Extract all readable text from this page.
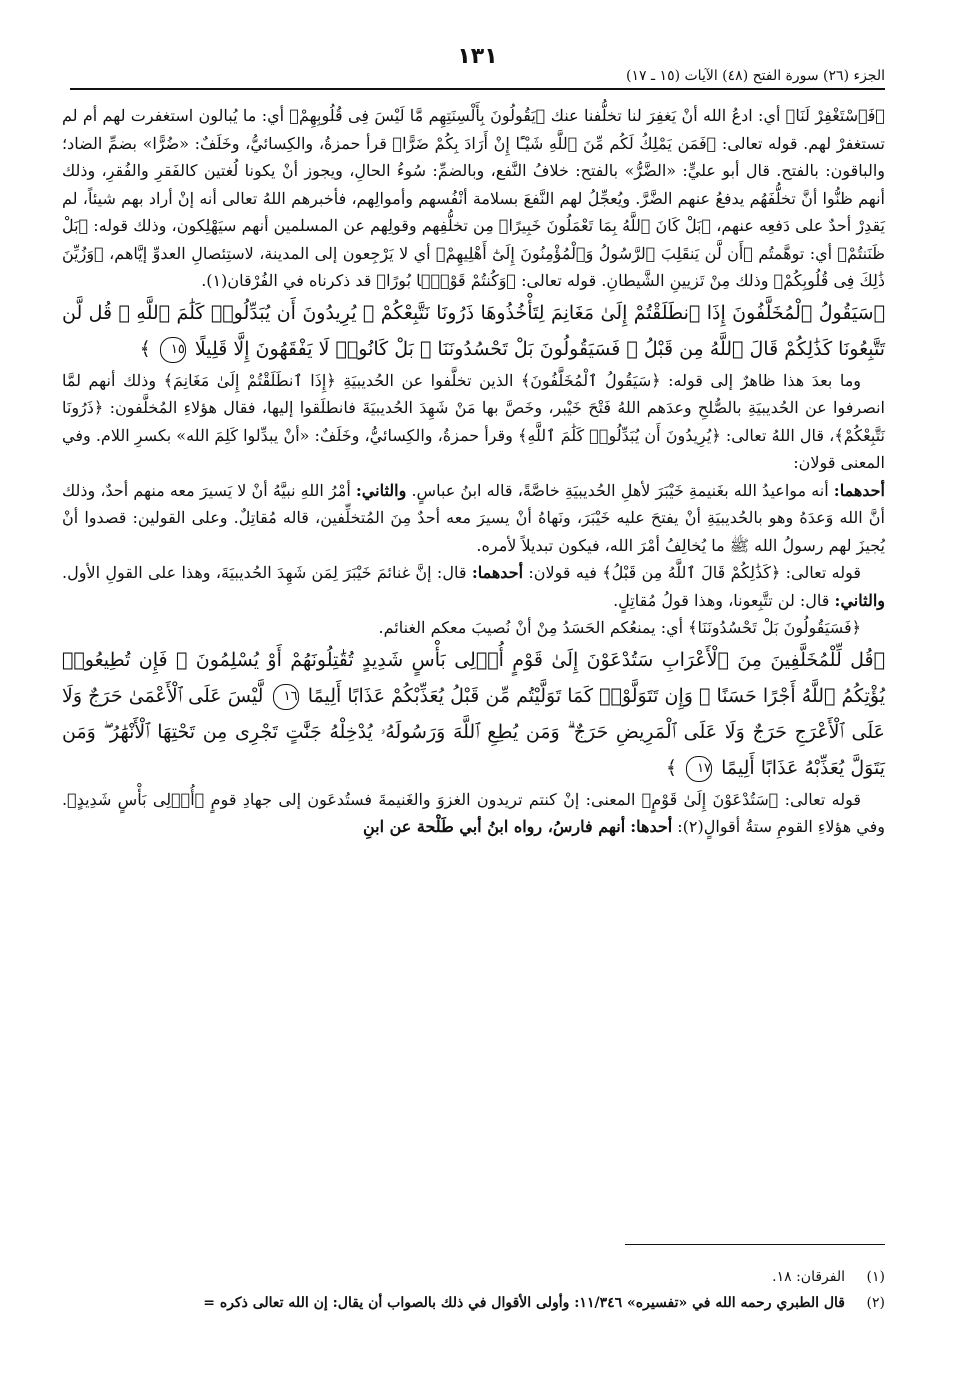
١٣١
الجزء (٢٦) سورة الفتح (٤٨) الآيات (١٥ ـ ١٧)

﴿فَٱسْتَغْفِرْ لَنَا﴾ أي: ادعُ الله أنْ يَغفِرَ لنا تخلُّفنا عنك ﴿يَقُولُونَ بِأَلْسِنَتِهِم مَّا لَيْسَ فِى قُلُوبِهِمْ﴾ أي: ما يُبالون استغفرت لهم أم لم تستغفرْ لهم. قوله تعالى: ﴿فَمَن يَمْلِكُ لَكُم مِّنَ ٱللَّهِ شَيْـًٔا إِنْ أَرَادَ بِكُمْ ضَرًّا﴾ قرأ حمزةُ، والكِسائيُّ، وخَلَفٌ: «ضُرًّا» بضمِّ الضاد؛ والباقون: بالفتح. قال أبو عليٍّ: «الضَّرُّ» بالفتح: خلافُ النَّفع، وبالضمِّ: سُوءُ الحالِ، ويجوز أنْ يكونا لُغتين كالفَقرِ والفُقرِ، وذلك أنهم ظنُّوا أنَّ تخلُّفَهُم يدفعُ عنهم الضَّرَّ. ويُعجِّلُ لهم النَّفعَ بسلامة أنْفُسهم وأموالِهم، فأخبرهم اللهُ تعالى أنه إنْ أراد بهم شيئاً، لم يَقدِرْ أحدٌ على دَفعِه عنهم، ﴿بَلْ كَانَ ٱللَّهُ بِمَا تَعْمَلُونَ خَبِيرًا﴾ مِن تخلُّفِهم وقولِهم عن المسلمين أنهم سيَهْلِكون، وذلك قوله: ﴿بَلْ ظَنَنتُمْ﴾ أي: توهَّمتُم ﴿أَن لَّن يَنقَلِبَ ٱلرَّسُولُ وَٱلْمُؤْمِنُونَ إِلَىٰٓ أَهْلِيهِمْ﴾ أي لا يَرْجِعون إلى المدينة، لاستِئصالِ العدوِّ إيَّاهم، ﴿وَزُيِّنَ ذَٰلِكَ فِى قُلُوبِكُمْ﴾ وذلك مِنْ تَزيينِ الشَّيطانِ. قوله تعالى: ﴿وَكُنتُمْ قَوْمًۢا بُورًا﴾ قد ذكرناه في الفُرْقان(١).

﴿سَيَقُولُ ٱلْمُخَلَّفُونَ إِذَا ٱنطَلَقْتُمْ إِلَىٰ مَغَانِمَ لِتَأْخُذُوهَا ذَرُونَا نَتَّبِعْكُمْ ۖ يُرِيدُونَ أَن يُبَدِّلُوا۟ كَلَٰمَ ٱللَّهِ ۚ قُل لَّن تَتَّبِعُونَا كَذَٰلِكُمْ قَالَ ٱللَّهُ مِن قَبْلُ ۖ فَسَيَقُولُونَ بَلْ تَحْسُدُونَنَا ۚ بَلْ كَانُوا۟ لَا يَفْقَهُونَ إِلَّا قَلِيلًا ١٥ ﴾

وما بعدَ هذا ظاهرٌ إلى قوله: ﴿سَيَقُولُ ٱلْمُخَلَّفُونَ﴾ الذين تخلَّفوا عن الحُديبيَةِ ﴿إِذَا ٱنطَلَقْتُمْ إِلَىٰ مَغَانِمَ﴾ وذلك أنهم لمَّا انصرفوا عن الحُديبيَةِ بالصُّلحِ وعدَهم اللهُ فَتْحَ خَيْبر، وخَصَّ بها مَنْ شَهِدَ الحُديبيَةَ فانطلَقوا إليها، فقال هؤلاءِ المُخلَّفون: ﴿ذَرُونَا نَتَّبِعْكُمْ﴾، قال اللهُ تعالى: ﴿يُرِيدُونَ أَن يُبَدِّلُوا۟ كَلَٰمَ ٱللَّهِ﴾ وقرأ حمزةُ، والكِسائيُّ، وخَلَفٌ: «أنْ يبدِّلوا كَلِمَ الله» بكسرِ اللام. وفي المعنى قولان:

أحدهما: أنه مواعيدُ الله بغَنيمةِ خَيْبَرَ لأهلِ الحُديبيَةِ خاصَّةً، قاله ابنُ عباسٍ. والثاني: أمْرُ اللهِ نبيَّهُ أنْ لا يَسيرَ معه منهم أحدٌ، وذلك أنَّ الله وَعدَهُ وهو بالحُديبيَةِ أنْ يفتحَ عليه خَيْبَرَ، ونَهاهُ أنْ يسيرَ معه أحدٌ مِنَ المُتخلِّفين، قاله مُقاتِلٌ. وعلى القولين: قصدوا أنْ يُجيزَ لهم رسولُ الله ﷺ ما يُخالِفُ أمْرَ الله، فيكون تبديلاً لأمره.

قوله تعالى: ﴿كَذَٰلِكُمْ قَالَ ٱللَّهُ مِن قَبْلُ﴾ فيه قولان: أحدهما: قال: إنَّ غنائمَ خَيْبَرَ لِمَن شَهِدَ الحُديبيَةَ، وهذا على القولِ الأول. والثاني: قال: لن تتَّبِعونا، وهذا قولُ مُقاتِلٍ.

﴿فَسَيَقُولُونَ بَلْ تَحْسُدُونَنَا﴾ أي: يمنعُكم الحَسَدُ مِنْ أنْ نُصيبَ معكم الغنائم.

﴿قُل لِّلْمُخَلَّفِينَ مِنَ ٱلْأَعْرَابِ سَتُدْعَوْنَ إِلَىٰ قَوْمٍ أُو۟لِى بَأْسٍ شَدِيدٍ تُقَٰتِلُونَهُمْ أَوْ يُسْلِمُونَ ۖ فَإِن تُطِيعُوا۟ يُؤْتِكُمُ ٱللَّهُ أَجْرًا حَسَنًا ۖ وَإِن تَتَوَلَّوْا۟ كَمَا تَوَلَّيْتُم مِّن قَبْلُ يُعَذِّبْكُمْ عَذَابًا أَلِيمًا ١٦ لَّيْسَ عَلَى ٱلْأَعْمَىٰ حَرَجٌ وَلَا عَلَى ٱلْأَعْرَجِ حَرَجٌ وَلَا عَلَى ٱلْمَرِيضِ حَرَجٌ ۗ وَمَن يُطِعِ ٱللَّهَ وَرَسُولَهُۥ يُدْخِلْهُ جَنَّٰتٍ تَجْرِى مِن تَحْتِهَا ٱلْأَنْهَٰرُ ۖ وَمَن يَتَوَلَّ يُعَذِّبْهُ عَذَابًا أَلِيمًا ١٧ ﴾

قوله تعالى: ﴿سَتُدْعَوْنَ إِلَىٰ قَوْمٍ﴾ المعنى: إنْ كنتم تريدون الغزوَ والغَنيمةَ فستُدعَون إلى جهادِ قومٍ ﴿أُو۟لِى بَأْسٍ شَدِيدٍ﴾. وفي هؤلاءِ القومِ ستةُ أقوالٍ(٢): أحدها: أنهم فارسُ، رواه ابنُ أبي طَلْحة عن ابنِ

(١)
الفرقان: ١٨.
(٢)
قال الطبري رحمه الله في «تفسيره» ١١/٣٤٦: وأولى الأقوال في ذلك بالصواب أن يقال: إن الله تعالى ذكره =
